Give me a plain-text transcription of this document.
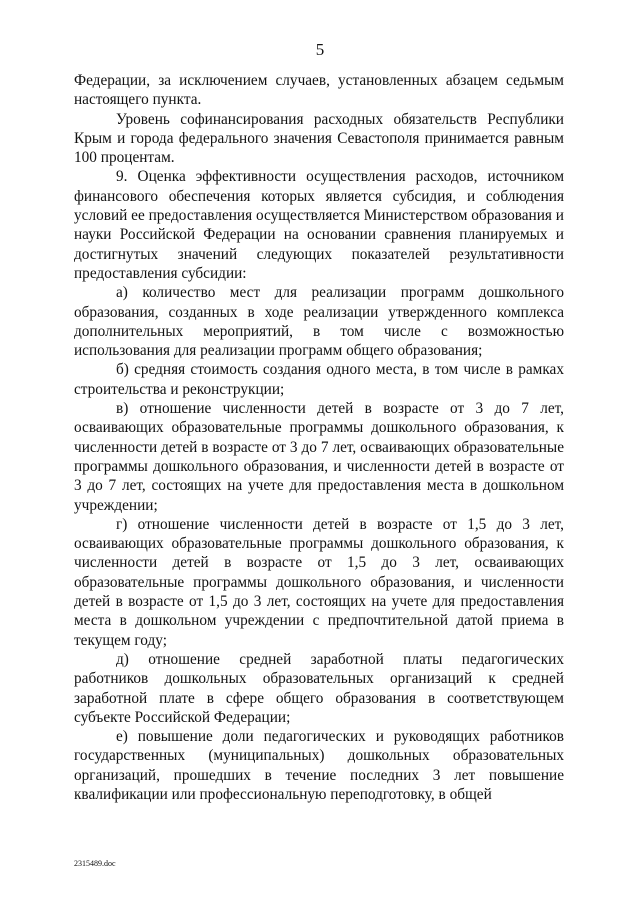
5

Федерации, за исключением случаев, установленных абзацем седьмым настоящего пункта.

Уровень софинансирования расходных обязательств Республики Крым и города федерального значения Севастополя принимается равным 100 процентам.

9. Оценка эффективности осуществления расходов, источником финансового обеспечения которых является субсидия, и соблюдения условий ее предоставления осуществляется Министерством образования и науки Российской Федерации на основании сравнения планируемых и достигнутых значений следующих показателей результативности предоставления субсидии:

а) количество мест для реализации программ дошкольного образования, созданных в ходе реализации утвержденного комплекса дополнительных мероприятий, в том числе с возможностью использования для реализации программ общего образования;

б) средняя стоимость создания одного места, в том числе в рамках строительства и реконструкции;

в) отношение численности детей в возрасте от 3 до 7 лет, осваивающих образовательные программы дошкольного образования, к численности детей в возрасте от 3 до 7 лет, осваивающих образовательные программы дошкольного образования, и численности детей в возрасте от 3 до 7 лет, состоящих на учете для предоставления места в дошкольном учреждении;

г) отношение численности детей в возрасте от 1,5 до 3 лет, осваивающих образовательные программы дошкольного образования, к численности детей в возрасте от 1,5 до 3 лет, осваивающих образовательные программы дошкольного образования, и численности детей в возрасте от 1,5 до 3 лет, состоящих на учете для предоставления места в дошкольном учреждении с предпочтительной датой приема в текущем году;

д) отношение средней заработной платы педагогических работников дошкольных образовательных организаций к средней заработной плате в сфере общего образования в соответствующем субъекте Российской Федерации;

е) повышение доли педагогических и руководящих работников государственных (муниципальных) дошкольных образовательных организаций, прошедших в течение последних 3 лет повышение квалификации или профессиональную переподготовку, в общей

2315489.doc
